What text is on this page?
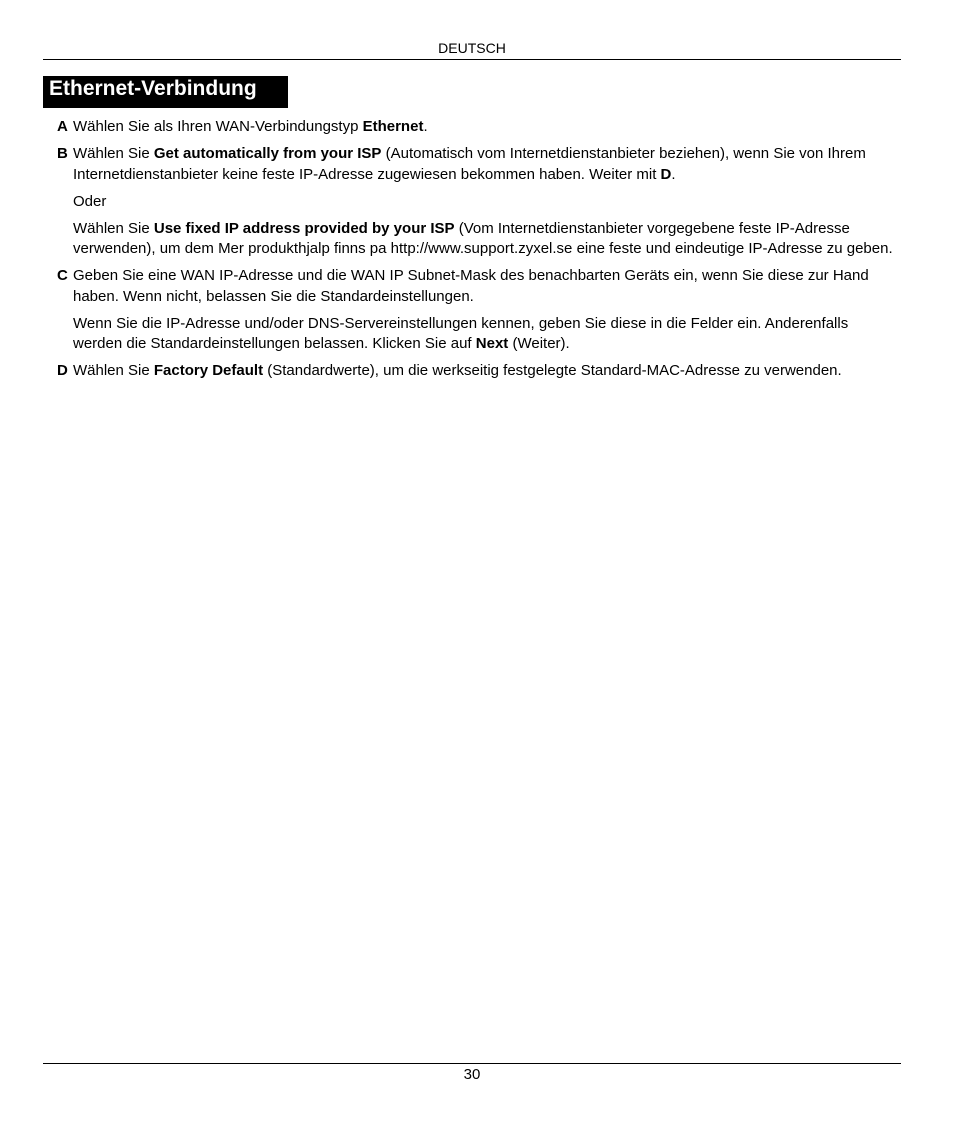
DEUTSCH
Ethernet-Verbindung
A Wählen Sie als Ihren WAN-Verbindungstyp Ethernet.
B Wählen Sie Get automatically from your ISP (Automatisch vom Internetdienstanbieter beziehen), wenn Sie von Ihrem Internetdienstanbieter keine feste IP-Adresse zugewiesen bekommen haben. Weiter mit D.
Oder
Wählen Sie Use fixed IP address provided by your ISP (Vom Internetdienstanbieter vorgegebene feste IP-Adresse verwenden), um dem Mer produkthjalp finns pa http://www.support.zyxel.se eine feste und eindeutige IP-Adresse zu geben.
C Geben Sie eine WAN IP-Adresse und die WAN IP Subnet-Mask des benachbarten Geräts ein, wenn Sie diese zur Hand haben. Wenn nicht, belassen Sie die Standardeinstellungen.
Wenn Sie die IP-Adresse und/oder DNS-Servereinstellungen kennen, geben Sie diese in die Felder ein. Anderenfalls werden die Standardeinstellungen belassen. Klicken Sie auf Next (Weiter).
D Wählen Sie Factory Default (Standardwerte), um die werkseitig festgelegte Standard-MAC-Adresse zu verwenden.
30
